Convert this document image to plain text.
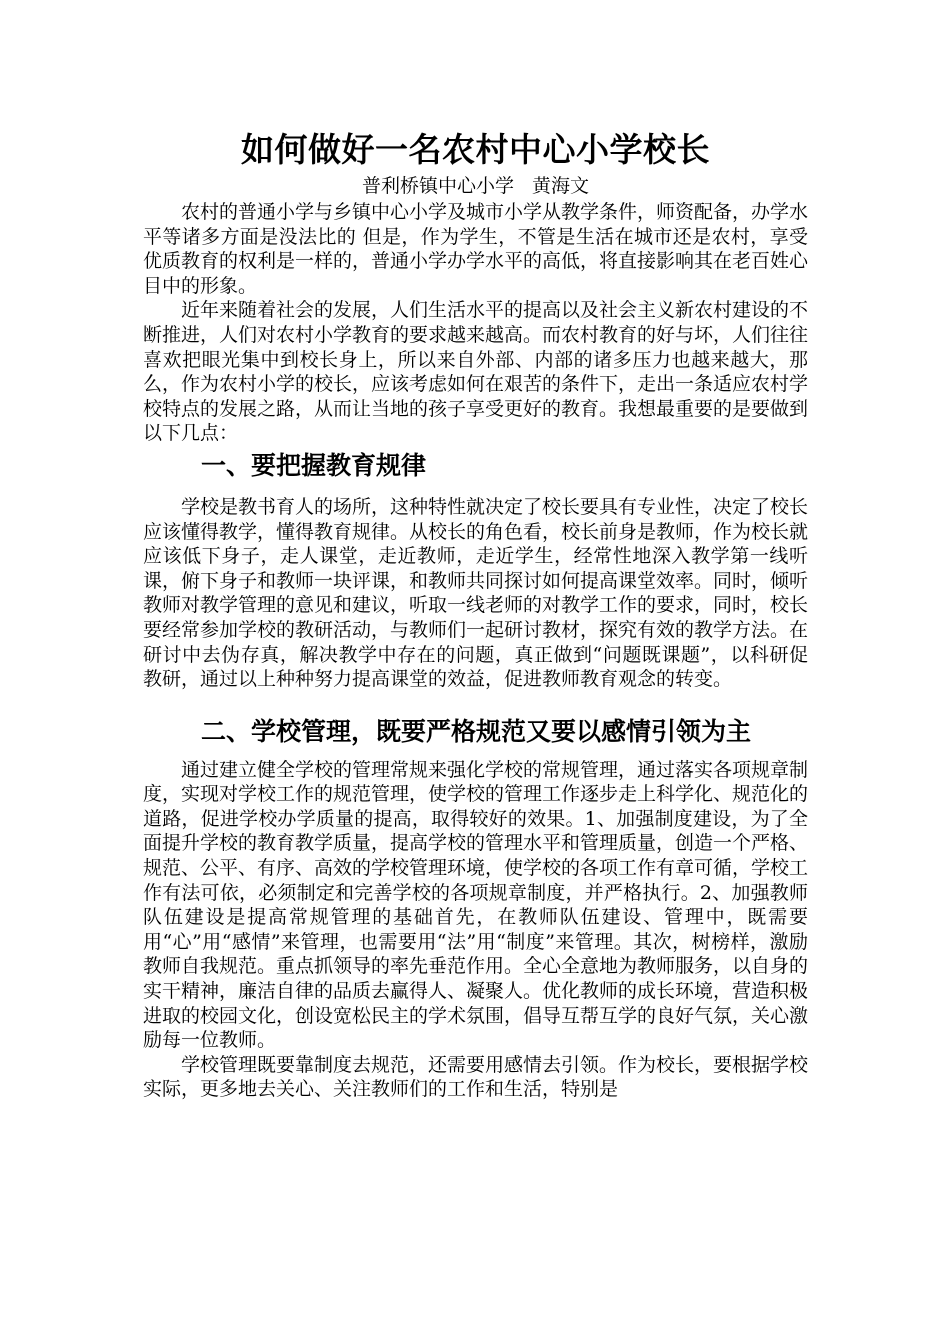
如何做好一名农村中心小学校长
普利桥镇中心小学   黄海文

农村的普通小学与乡镇中心小学及城市小学从教学条件，师资配备，办学水平等诸多方面是没法比的 但是，作为学生，不管是生活在城市还是农村，享受优质教育的权利是一样的，普通小学办学水平的高低，将直接影响其在老百姓心目中的形象。

近年来随着社会的发展，人们生活水平的提高以及社会主义新农村建设的不断推进，人们对农村小学教育的要求越来越高。而农村教育的好与坏，人们往往喜欢把眼光集中到校长身上，所以来自外部、内部的诸多压力也越来越大，那么，作为农村小学的校长，应该考虑如何在艰苦的条件下，走出一条适应农村学校特点的发展之路，从而让当地的孩子享受更好的教育。我想最重要的是要做到以下几点：

一、要把握教育规律

学校是教书育人的场所，这种特性就决定了校长要具有专业性，决定了校长应该懂得教学，懂得教育规律。从校长的角色看，校长前身是教师，作为校长就应该低下身子，走人课堂，走近教师，走近学生，经常性地深入教学第一线听课，俯下身子和教师一块评课，和教师共同探讨如何提高课堂效率。同时，倾听教师对教学管理的意见和建议，听取一线老师的对教学工作的要求，同时，校长要经常参加学校的教研活动，与教师们一起研讨教材，探究有效的教学方法。在研讨中去伪存真，解决教学中存在的问题，真正做到“问题既课题”，以科研促教研，通过以上种种努力提高课堂的效益，促进教师教育观念的转变。

二、学校管理，既要严格规范又要以感情引领为主

通过建立健全学校的管理常规来强化学校的常规管理，通过落实各项规章制度，实现对学校工作的规范管理，使学校的管理工作逐步走上科学化、规范化的道路，促进学校办学质量的提高，取得较好的效果。1、加强制度建设，为了全面提升学校的教育教学质量，提高学校的管理水平和管理质量，创造一个严格、规范、公平、有序、高效的学校管理环境，使学校的各项工作有章可循，学校工作有法可依，必须制定和完善学校的各项规章制度，并严格执行。2、加强教师队伍建设是提高常规管理的基础首先，在教师队伍建设、管理中，既需要用“心”用“感情”来管理，也需要用“法”用“制度”来管理。其次，树榜样，激励教师自我规范。重点抓领导的率先垂范作用。全心全意地为教师服务，以自身的实干精神，廉洁自律的品质去赢得人、凝聚人。优化教师的成长环境，营造积极进取的校园文化，创设宽松民主的学术氛围，倡导互帮互学的良好气氛，关心激励每一位教师。

学校管理既要靠制度去规范，还需要用感情去引领。作为校长，要根据学校实际，更多地去关心、关注教师们的工作和生活，特别是
